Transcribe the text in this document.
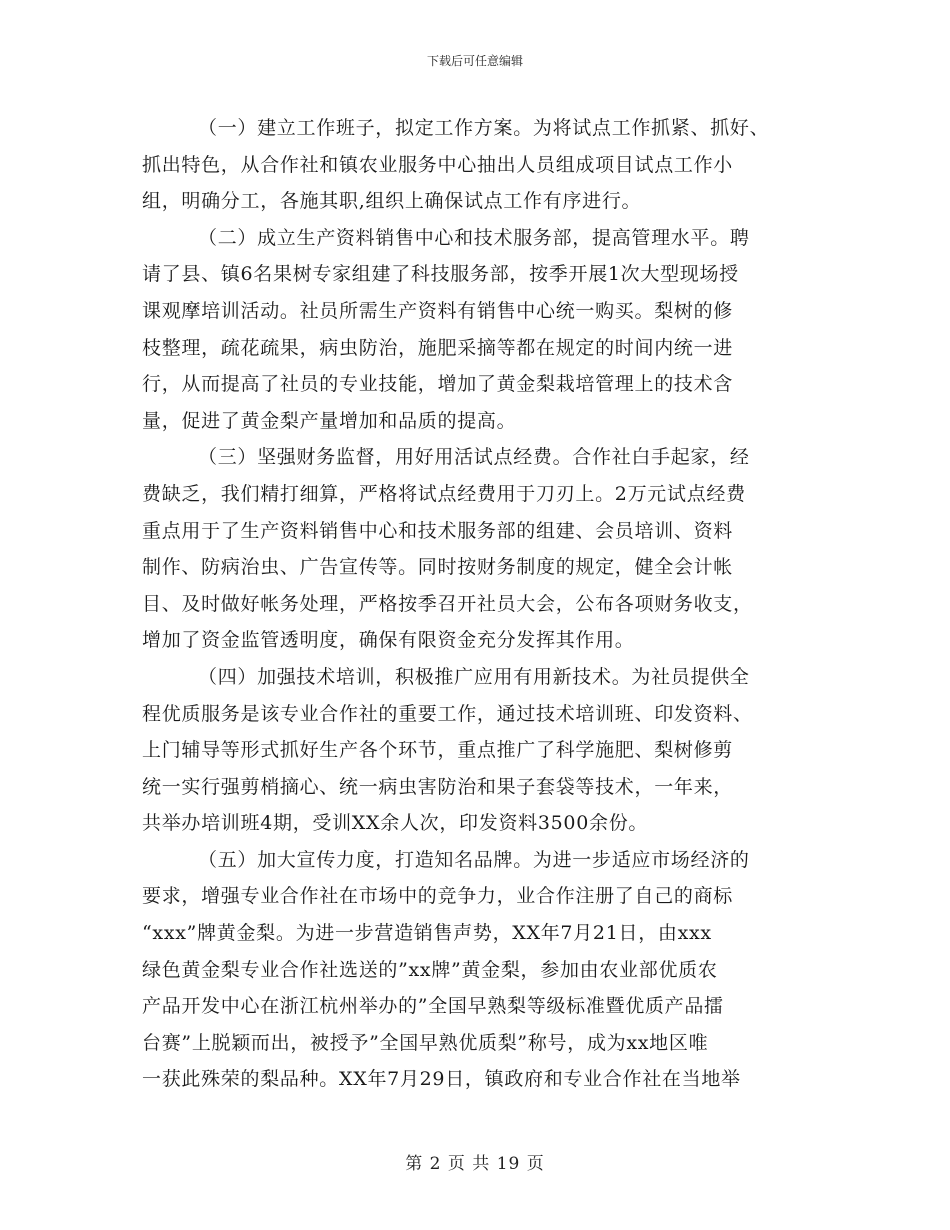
下载后可任意编辑
（一）建立工作班子，拟定工作方案。为将试点工作抓紧、抓好、
抓出特色，从合作社和镇农业服务中心抽出人员组成项目试点工作小
组，明确分工，各施其职,组织上确保试点工作有序进行。
（二）成立生产资料销售中心和技术服务部，提高管理水平。聘
请了县、镇6名果树专家组建了科技服务部，按季开展1次大型现场授
课观摩培训活动。社员所需生产资料有销售中心统一购买。梨树的修
枝整理，疏花疏果，病虫防治，施肥采摘等都在规定的时间内统一进
行，从而提高了社员的专业技能，增加了黄金梨栽培管理上的技术含
量，促进了黄金梨产量增加和品质的提高。
（三）坚强财务监督，用好用活试点经费。合作社白手起家，经
费缺乏，我们精打细算，严格将试点经费用于刀刃上。2万元试点经费
重点用于了生产资料销售中心和技术服务部的组建、会员培训、资料
制作、防病治虫、广告宣传等。同时按财务制度的规定，健全会计帐
目、及时做好帐务处理，严格按季召开社员大会，公布各项财务收支，
增加了资金监管透明度，确保有限资金充分发挥其作用。
（四）加强技术培训，积极推广应用有用新技术。为社员提供全
程优质服务是该专业合作社的重要工作，通过技术培训班、印发资料、
上门辅导等形式抓好生产各个环节，重点推广了科学施肥、梨树修剪
统一实行强剪梢摘心、统一病虫害防治和果子套袋等技术，一年来，
共举办培训班4期，受训XX余人次，印发资料3500余份。
（五）加大宣传力度，打造知名品牌。为进一步适应市场经济的
要求，增强专业合作社在市场中的竞争力，业合作注册了自己的商标
“xxx”牌黄金梨。为进一步营造销售声势，XX年7月21日，由xxx
绿色黄金梨专业合作社选送的”xx牌”黄金梨，参加由农业部优质农
产品开发中心在浙江杭州举办的”全国早熟梨等级标准暨优质产品擂
台赛”上脱颖而出，被授予”全国早熟优质梨”称号，成为xx地区唯
一获此殊荣的梨品种。XX年7月29日，镇政府和专业合作社在当地举
第 2 页 共 19 页
